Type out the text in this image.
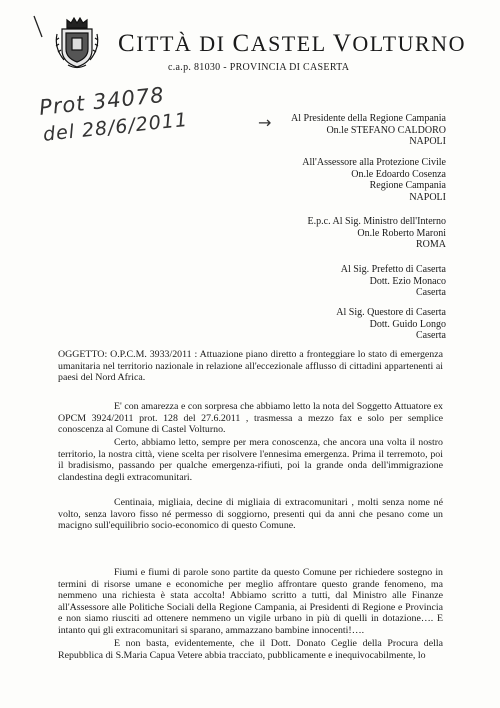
CITTÀ DI CASTEL VOLTURNO
c.a.p. 81030 - PROVINCIA DI CASERTA
Prot 34078
del 28/6/2011	→ Al Presidente della Regione Campania
On.le STEFANO CALDORO
NAPOLI
All'Assessore alla Protezione Civile
On.le Edoardo Cosenza
Regione Campania
NAPOLI
E.p.c. Al Sig. Ministro dell'Interno
On.le Roberto Maroni
ROMA
Al Sig. Prefetto di Caserta
Dott. Ezio Monaco
Caserta
Al Sig. Questore di Caserta
Dott. Guido Longo
Caserta
OGGETTO: O.P.C.M. 3933/2011 : Attuazione piano diretto a fronteggiare lo stato di emergenza umanitaria nel territorio nazionale in relazione all'eccezionale afflusso di cittadini appartenenti ai paesi del Nord Africa.

E' con amarezza e con sorpresa che abbiamo letto la nota del Soggetto Attuatore ex OPCM 3924/2011 prot. 128 del 27.6.2011 , trasmessa a mezzo fax e solo per semplice conoscenza al Comune di Castel Volturno.

Certo, abbiamo letto, sempre per mera conoscenza, che ancora una volta il nostro territorio, la nostra città, viene scelta per risolvere l'ennesima emergenza. Prima il terremoto, poi il bradisismo, passando per qualche emergenza-rifiuti, poi la grande onda dell'immigrazione clandestina degli extracomunitari.

Centinaia, migliaia, decine di migliaia di extracomunitari , molti senza nome né volto, senza lavoro fisso né permesso di soggiorno, presenti qui da anni che pesano come un macigno sull'equilibrio socio-economico di questo Comune.

Fiumi e fiumi di parole sono partite da questo Comune per richiedere sostegno in termini di risorse umane e economiche per meglio affrontare questo grande fenomeno, ma nemmeno una richiesta è stata accolta! Abbiamo scritto a tutti, dal Ministro alle Finanze all'Assessore alle Politiche Sociali della Regione Campania, ai Presidenti di Regione e Provincia e non siamo riusciti ad ottenere nemmeno un vigile urbano in più di quelli in dotazione…. E intanto qui gli extracomunitari si sparano, ammazzano bambine innocenti!….

E non basta, evidentemente, che il Dott. Donato Ceglie della Procura della Repubblica di S.Maria Capua Vetere abbia tracciato, pubblicamente e inequivocabilmente, lo
